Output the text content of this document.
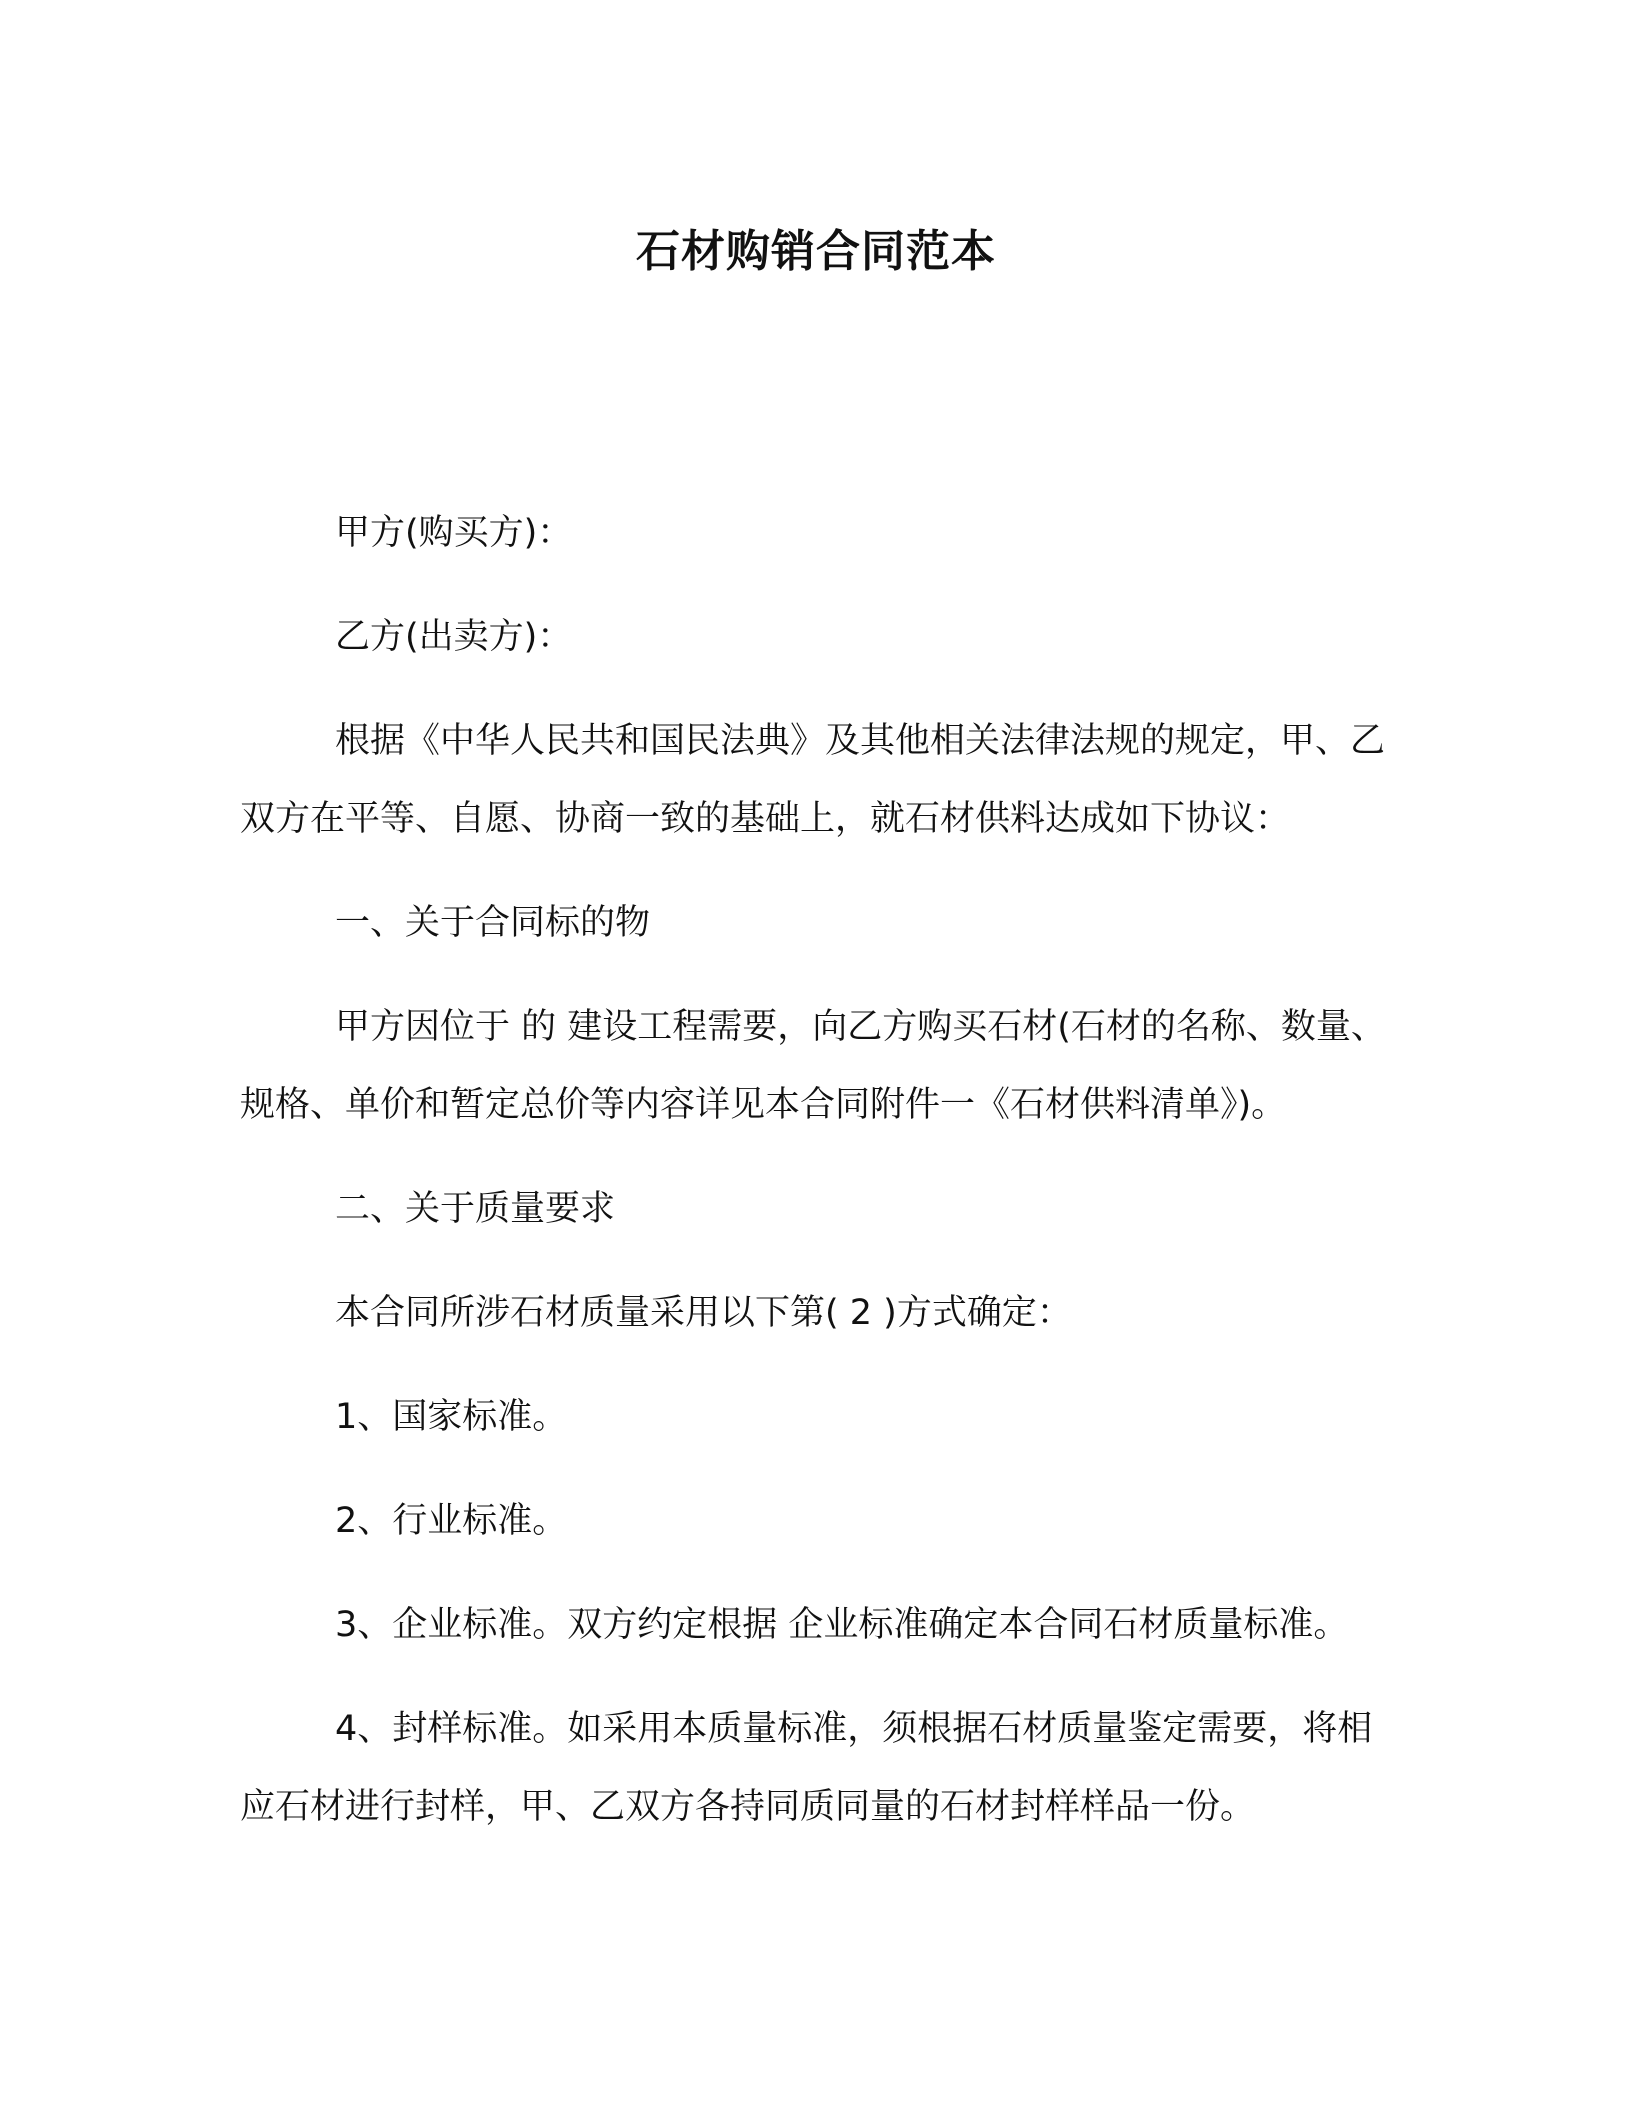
石材购销合同范本

甲方(购买方)：

乙方(出卖方)：

根据《中华人民共和国民法典》及其他相关法律法规的规定，甲、乙双方在平等、自愿、协商一致的基础上，就石材供料达成如下协议：

一、关于合同标的物

甲方因位于 的 建设工程需要，向乙方购买石材(石材的名称、数量、规格、单价和暂定总价等内容详见本合同附件一《石材供料清单》)。

二、关于质量要求

本合同所涉石材质量采用以下第( 2 )方式确定：

1、国家标准。

2、行业标准。

3、企业标准。双方约定根据 企业标准确定本合同石材质量标准。

4、封样标准。如采用本质量标准，须根据石材质量鉴定需要，将相应石材进行封样，甲、乙双方各持同质同量的石材封样样品一份。
